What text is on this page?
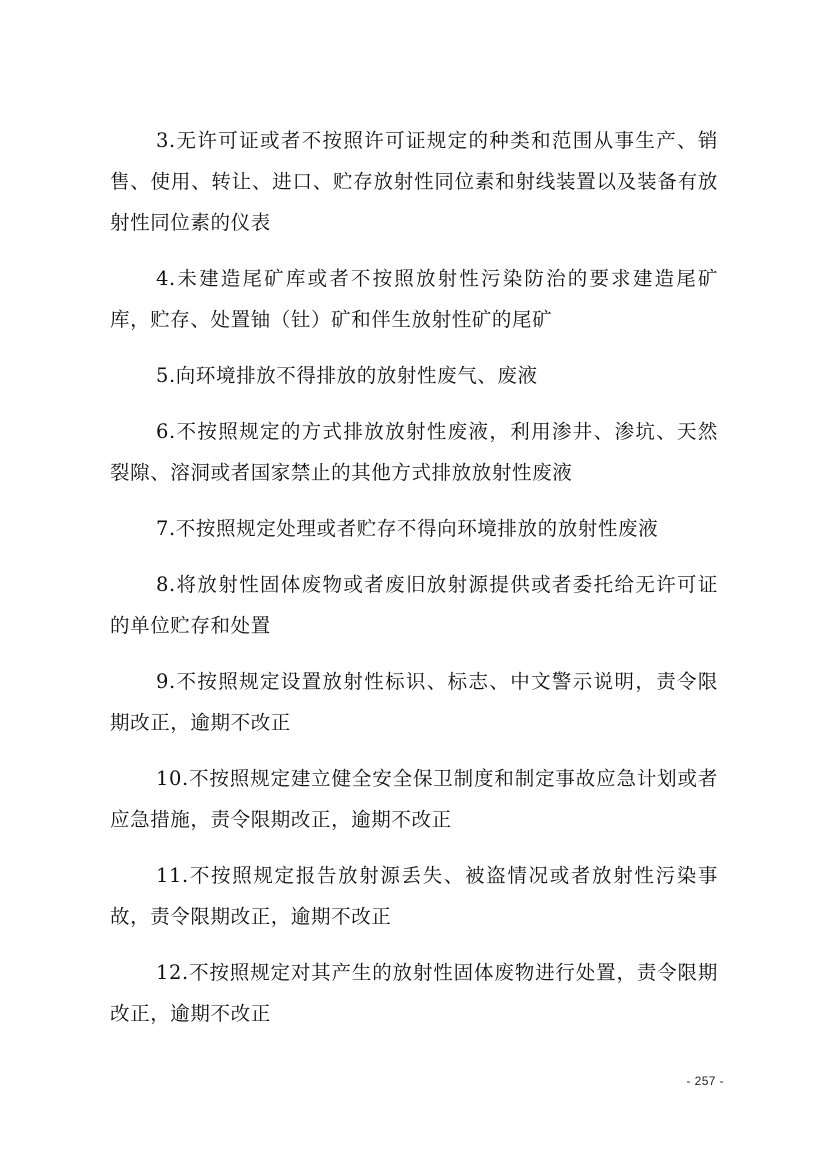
3.无许可证或者不按照许可证规定的种类和范围从事生产、销售、使用、转让、进口、贮存放射性同位素和射线装置以及装备有放射性同位素的仪表

4.未建造尾矿库或者不按照放射性污染防治的要求建造尾矿库，贮存、处置铀（钍）矿和伴生放射性矿的尾矿

5.向环境排放不得排放的放射性废气、废液

6.不按照规定的方式排放放射性废液，利用渗井、渗坑、天然裂隙、溶洞或者国家禁止的其他方式排放放射性废液

7.不按照规定处理或者贮存不得向环境排放的放射性废液

8.将放射性固体废物或者废旧放射源提供或者委托给无许可证的单位贮存和处置

9.不按照规定设置放射性标识、标志、中文警示说明，责令限期改正，逾期不改正

10.不按照规定建立健全安全保卫制度和制定事故应急计划或者应急措施，责令限期改正，逾期不改正

11.不按照规定报告放射源丢失、被盗情况或者放射性污染事故，责令限期改正，逾期不改正

12.不按照规定对其产生的放射性固体废物进行处置，责令限期改正，逾期不改正

- 257 -
